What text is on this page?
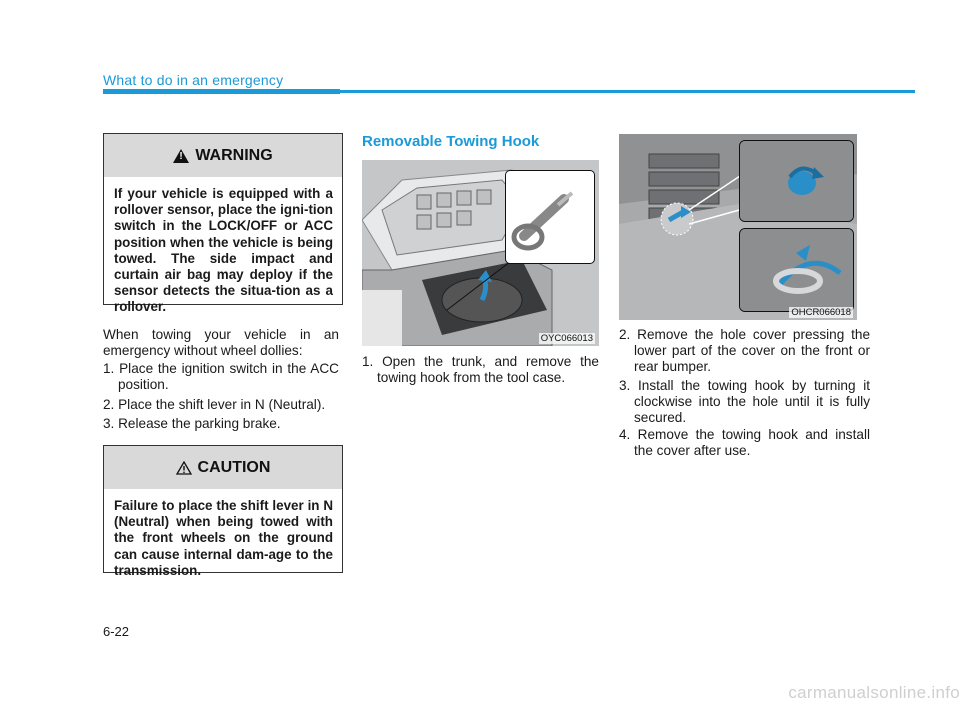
What to do in an emergency
!
WARNING
If your vehicle is equipped with a rollover sensor, place the igni-tion switch in the LOCK/OFF or ACC position when the vehicle is being towed. The side impact and curtain air bag may deploy if the sensor detects the situa-tion as a rollover.
When towing your vehicle in an emergency without wheel dollies:
1. Place the ignition switch in the ACC position.
2. Place the shift lever in N (Neutral).
3. Release the parking brake.
CAUTION
Failure to place the shift lever in N (Neutral) when being towed with the front wheels on the ground can cause internal dam-age to the transmission.
Removable Towing Hook
OYC066013
1. Open the trunk, and remove the towing hook from the tool case.
OHCR066018
2. Remove the hole cover pressing the lower part of the cover on the front or rear bumper.
3. Install the towing hook by turning it clockwise into the hole until it is fully secured.
4. Remove the towing hook and install the cover after use.
6-22
carmanualsonline.info
